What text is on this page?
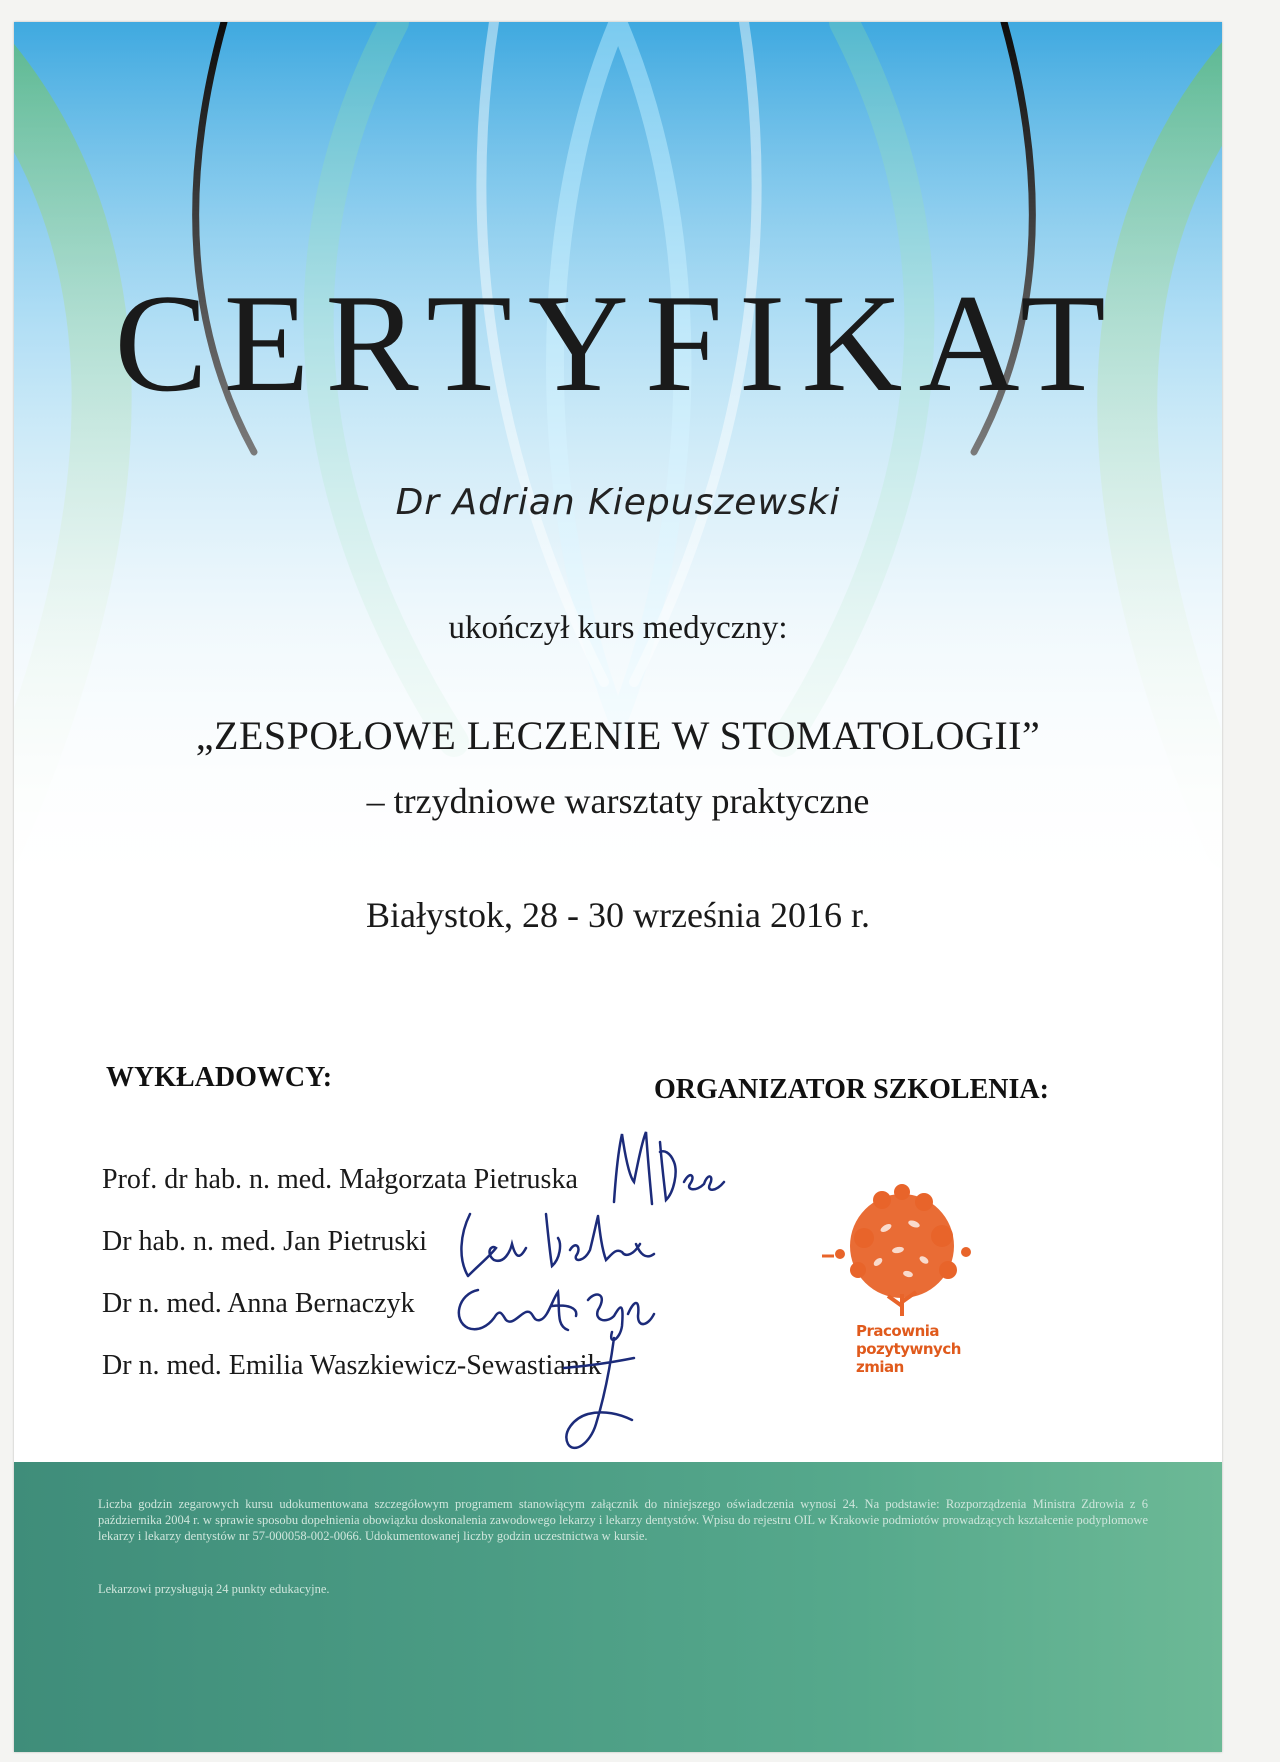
CERTYFIKAT
Dr Adrian Kiepuszewski
ukończył kurs medyczny:
„ZESPOŁOWE LECZENIE W STOMATOLOGII”
– trzydniowe warsztaty praktyczne
Białystok, 28 - 30 września 2016 r.
WYKŁADOWCY:	ORGANIZATOR SZKOLENIA:
Prof. dr hab. n. med. Małgorzata Pietruska
Dr hab. n. med. Jan Pietruski
Dr n. med. Anna Bernaczyk
Dr n. med. Emilia Waszkiewicz-Sewastianik
Pracownia
pozytywnych
zmian
Liczba godzin zegarowych kursu udokumentowana szczegółowym programem stanowiącym załącznik do niniejszego oświadczenia wynosi 24. Na podstawie: Rozporządzenia Ministra Zdrowia z 6 października 2004 r. w sprawie sposobu dopełnienia obowiązku doskonalenia zawodowego lekarzy i lekarzy dentystów. Wpisu do rejestru OIL w Krakowie podmiotów prowadzących kształcenie podyplomowe lekarzy i lekarzy dentystów nr 57-000058-002-0066. Udokumentowanej liczby godzin uczestnictwa w kursie.
Lekarzowi przysługują 24 punkty edukacyjne.
